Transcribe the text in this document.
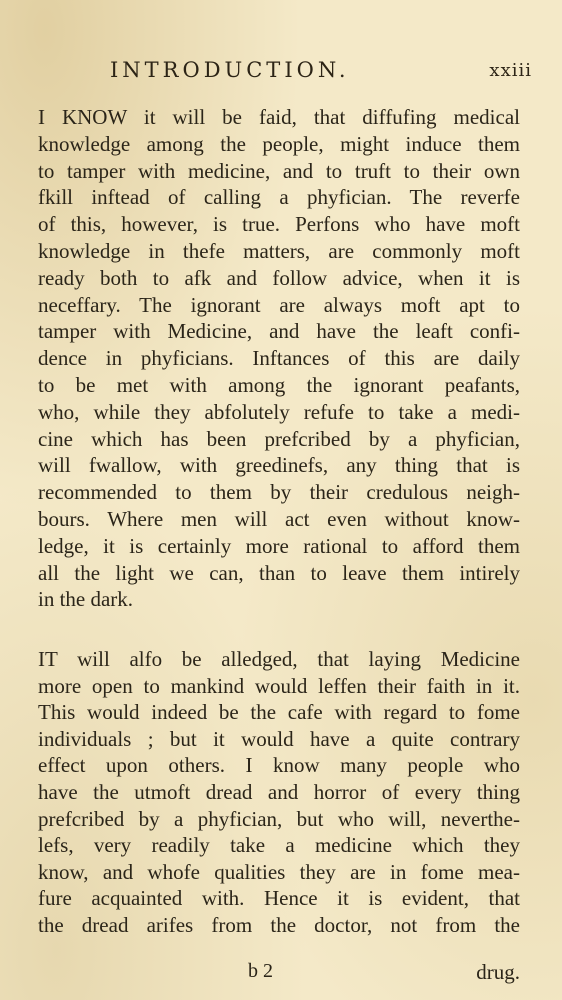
INTRODUCTION.	xxiii
I KNOW it will be faid, that diffufing medical
knowledge among the people, might induce them
to tamper with medicine, and to truft to their own
fkill inftead of calling a phyfician. The reverfe
of this, however, is true. Perfons who have moft
knowledge in thefe matters, are commonly moft
ready both to afk and follow advice, when it is
neceffary. The ignorant are always moft apt to
tamper with Medicine, and have the leaft confi-
dence in phyficians. Inftances of this are daily
to be met with among the ignorant peafants,
who, while they abfolutely refufe to take a medi-
cine which has been prefcribed by a phyfician,
will fwallow, with greedinefs, any thing that is
recommended to them by their credulous neigh-
bours. Where men will act even without know-
ledge, it is certainly more rational to afford them
all the light we can, than to leave them intirely
in the dark.
IT will alfo be alledged, that laying Medicine
more open to mankind would leffen their faith in it.
This would indeed be the cafe with regard to fome
individuals ; but it would have a quite contrary
effect upon others. I know many people who
have the utmoft dread and horror of every thing
prefcribed by a phyfician, but who will, neverthe-
lefs, very readily take a medicine which they
know, and whofe qualities they are in fome mea-
fure acquainted with. Hence it is evident, that
the dread arifes from the doctor, not from the
b 2	drug.
